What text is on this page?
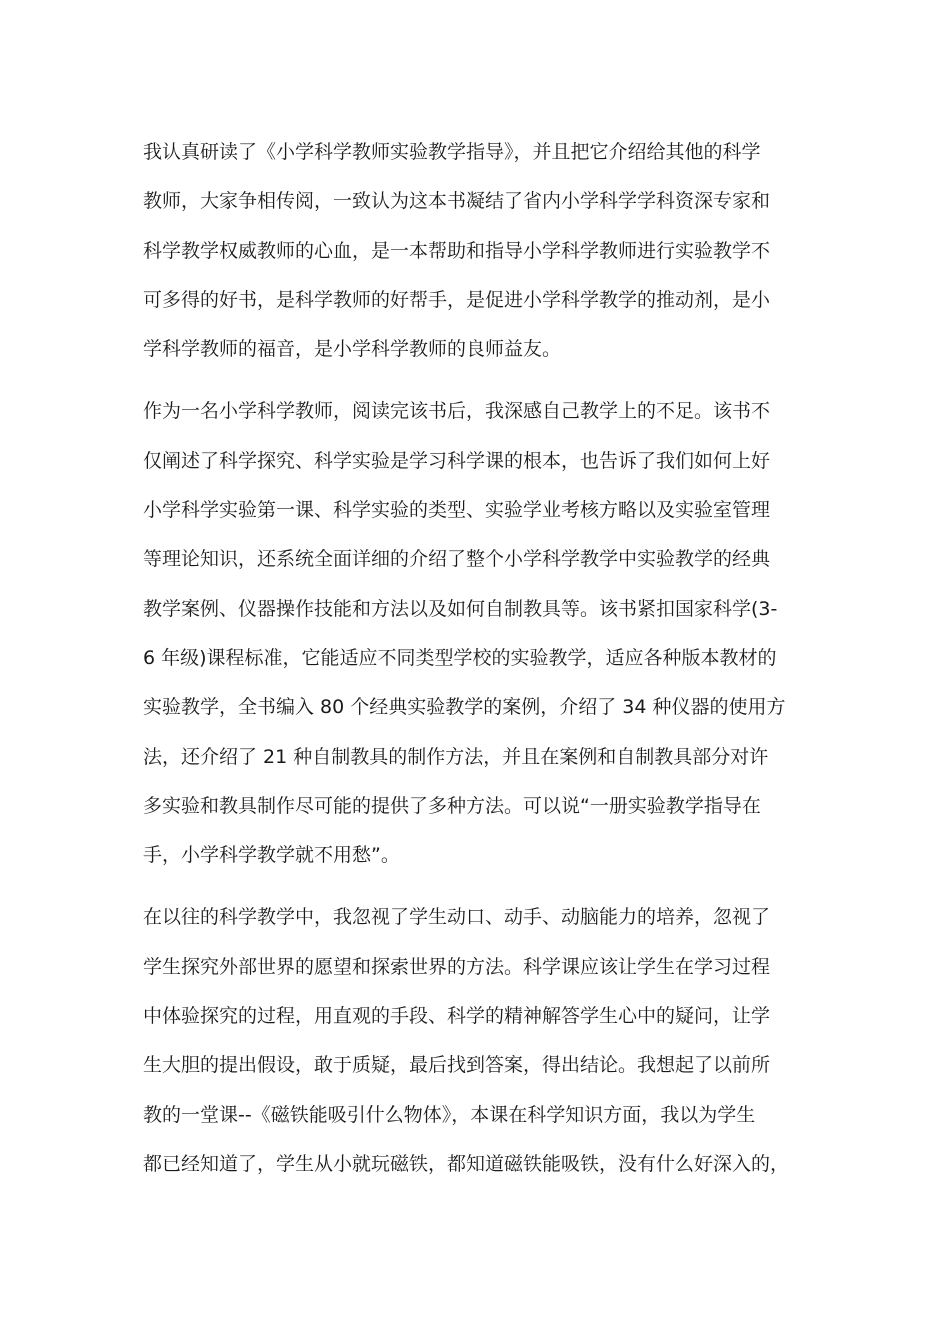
我认真研读了《小学科学教师实验教学指导》，并且把它介绍给其他的科学
教师，大家争相传阅，一致认为这本书凝结了省内小学科学学科资深专家和
科学教学权威教师的心血，是一本帮助和指导小学科学教师进行实验教学不
可多得的好书，是科学教师的好帮手，是促进小学科学教学的推动剂，是小
学科学教师的福音，是小学科学教师的良师益友。
作为一名小学科学教师，阅读完该书后，我深感自己教学上的不足。该书不
仅阐述了科学探究、科学实验是学习科学课的根本，也告诉了我们如何上好
小学科学实验第一课、科学实验的类型、实验学业考核方略以及实验室管理
等理论知识，还系统全面详细的介绍了整个小学科学教学中实验教学的经典
教学案例、仪器操作技能和方法以及如何自制教具等。该书紧扣国家科学(3-
6 年级)课程标准，它能适应不同类型学校的实验教学，适应各种版本教材的
实验教学，全书编入 80 个经典实验教学的案例，介绍了 34 种仪器的使用方
法，还介绍了 21 种自制教具的制作方法，并且在案例和自制教具部分对许
多实验和教具制作尽可能的提供了多种方法。可以说“一册实验教学指导在
手，小学科学教学就不用愁”。
在以往的科学教学中，我忽视了学生动口、动手、动脑能力的培养，忽视了
学生探究外部世界的愿望和探索世界的方法。科学课应该让学生在学习过程
中体验探究的过程，用直观的手段、科学的精神解答学生心中的疑问，让学
生大胆的提出假设，敢于质疑，最后找到答案，得出结论。我想起了以前所
教的一堂课--《磁铁能吸引什么物体》，本课在科学知识方面，我以为学生
都已经知道了，学生从小就玩磁铁，都知道磁铁能吸铁，没有什么好深入的，
